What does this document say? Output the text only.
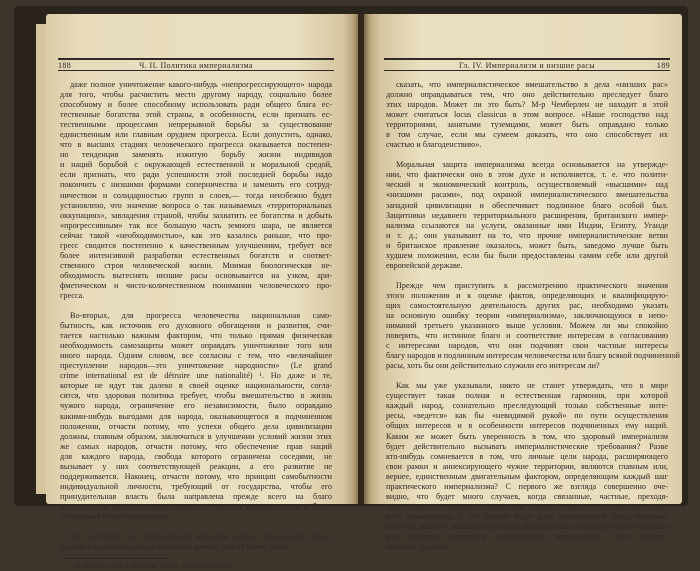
188	Ч. II. Политика империализма
даже полное уничтожение какого-нибудь «непрогрессирующего» народа
для того, чтобы расчистить место другому народу, социально более
способному и более способному использовать ради общего блага ес-
тественные богатства этой страны, в особенности, если признать ес-
тественными процессами непрерывной борьбы за существование
единственным или главным орудием прогресса. Если допустить, однако,
что в высших стадиях человеческого прогресса оказывается постепен-
но тенденция заменять изжитую борьбу жизни индивидов
и наций борьбой с окружающей естественной и моральной средой,
если признать, что ради успешности этой последней борьбы надо
покончить с низшими формами соперничества и заменить его сотруд-
ничеством и солидарностью групп и слоев,— тогда неизбежно будет
установлено, что значение вопроса о так называемых «территориальных
оккупациях», завладения страной, чтобы захватить ее богатства и добыть
«прогрессивным» так все большую часть земного шара, не является
сейчас такой «необходимостью», как это казалось раньше, что про-
гресс сводится постепенно к качественным улучшениям, требует все
более интенсивной разработки естественных богатств и соответ-
ственного строя человеческой жизни. Мнимая биологическая не-
обходимость вытеснять низшие расы основывается на узком, ари-
фметическом и чисто-количественном понимании человеческого про-
гресса.
Во-вторых, для прогресса человечества национальная само-
бытность, как источник его духовного обогащения и развития, счи-
тается настолько важным фактором, что только прямая физическая
необходимость самозащиты может оправдать уничтожение того или
иного народа. Одним словом, все согласны с тем, что «величайшее
преступление народов—это уничтожение народности» (Le grand
crime international est de détruire une nationalité) ¹. Но даже и те,
которые не идут так далеко в своей оценке национальности, согла-
сятся, что здоровая политика требует, чтобы вмешательство в жизнь
чужого народа, ограничение его независимости, было оправдано
какими-нибудь выгодами для народа, оказывающегося в подчиненном
положении, отчасти потому, что успехи общего дела цивилизации
должны, главным образом, заключаться в улучшении условий жизни этих
же самых народов, отчасти потому, что обеспечение прав наций
для каждого народа, свобода которого ограничена соседями, не
вызывает у них соответствующей реакции, а его развитие не
поддерживается. Наконец, отчасти потому, что принцип самобытности
индивидуальной личности, требующий от государства, чтобы его
принудительная власть была направлена прежде всего на благо
всех, тех, на кого она распространяется, должен применяться и к более
обширному обществу народов.
Но настаивая на неправильной аналогии между отдельными инди-
видами и народами, как организмами, можно, тем не менее, сказ-
¹ М. Декобер, цит. у «Bibliogr. Ziele», апрель 1900 года.
Гл. IV. Империализм и низшие расы	189
сказать, что империалистическое вмешательство в дела «низших рас»
должно оправдываться тем, что оно действительно преследует благо
этих народов. Может ли это быть? М-р Чемберлен не находит в этой
может считаться locus classicus в этом вопросе. «Наше господство над
территориями, занятыми туземцами, может быть оправдано только
в том случае, если мы сумеем доказать, что оно способствует их
счастью и благоденствию».
Моральная защита империализма всегда основывается на утвержде-
нии, что фактически оно в этом духе и исполняется, т. е. что полити-
ческий и экономический контроль, осуществляемый «высшими» над
«низшими расами», под охраной империалистического вмешательства
западной цивилизации и обеспечивает подлинное благо особой был.
Защитники недавнего территориального расширения, британского импер-
иализма ссылаются на услуги, оказанные ими Индии, Египту, Уганде
и т. д.; они указывают на то, что прочие империалистические ветви
и британское правление оказалось, может быть, заведомо лучше быть
худшем положении, если бы были предоставлены самим себе или другой
европейской державе.
Прежде чем приступить к рассмотрению практического значения
этого положения и к оценке фактов, определяющих и квалифицирую-
щих самостоятельную деятельность других рас, необходимо указать
на основную ошибку теории «империализма», заключающуюся в непо-
ниманий третьего указанного выше условия. Можем ли мы спокойно
поверить, что истинное благо и соответствие интересам в согласованию
с интересами народов, что они подчинят свои частные интересы
благу народов и подлинным интересам человечества или благу всякой подчиненной
расы, хоть бы они действительно служили его интересам ли?
Как мы уже указывали, никто не станет утверждать, что в мире
существует такая полная и естественная гармония, при которой
каждый народ, сознательно преследующий только собственные инте-
ресы, «ведется» как бы «невидимой рукой» по пути осуществления
общих интересов и в особенности интересов подчиненных ему наций.
Каким же может быть уверенность в том, что здоровый империализм
будет действительно вызывать империалистические требования? Разве
кто-нибудь сомневается в том, что личные цели народа, расширяющего
свои рамки и аннексирующего чужие территории, являются главным или,
вернее, единственным двигательным фактором, определяющим каждый шаг
практического империализма? С первого же взгляда совершенно оче-
видно, что будет много случаев, когда связанные, частные, преходя-
щие интересы державы подчинения народов станут у интересами «низ-
кой» цивилизации, и что первые будут дано предпочтение перед вторыми.
Поэтому, конечно, небезпристрастную принадлежит за примерную «free illusion»,
для развития огромного империализма непрерывное «free illusion»
мировой стороны.
